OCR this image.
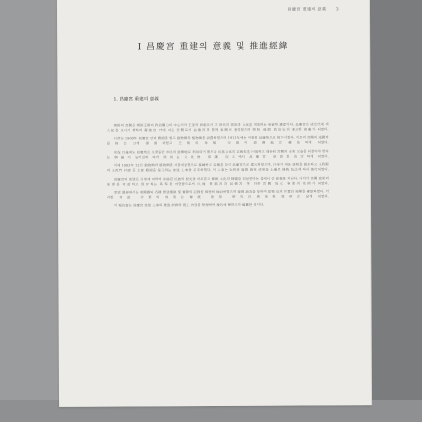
昌慶宮 重建의 意義 3
Ⅰ 昌慶宮 重建의 意義 및 推進經緯
1. 昌慶宮 重建의 意義

朝鮮의 宮闕은 朝鮮王朝의 政治權力의 中心이자 王室의 居處로서 그 時代의 建築과 文化를 대표하는 重要한 遺産이다. 昌慶宮은 成宗代에 세 大妃를 모시기 위하여 壽康宮 터에 지은 宮闕로서 昌德宮과 함께 東闕로 불리었으며 朝鮮 後期 政治史의 중요한 舞臺가 되었다.

日帝는 1909年 昌慶宮 안의 殿閣을 헐고 動物園과 植物園을 設置하였으며 1911年에는 이름을 昌慶苑으로 格下시켰다. 이로써 宮闕의 威嚴과 品格은 크게 損傷되었고 王朝의 象徵 空間이 遊園地로 轉落하게 되었다.

光復 以後에도 昌慶苑은 오랫동안 市民의 遊園地로 利用되어 왔으나 民族文化의 正統性을 回復하고 훼손된 宮闕의 本來 모습을 되찾아야 한다는 輿論이 높아짐에 따라 政府는 文化財 保護 次元에서 昌慶宮 重建을 決定하게 되었다.

이에 1983年 12月 動物園과 植物園을 서울대공원으로 移轉하고 名稱을 다시 昌慶宮으로 還元하였으며, 日帝가 세운 建物을 撤去하고 文政殿과 文政門 回廊 등 主要 殿閣을 復元하는 重建 工事를 着手하였다. 이 工事는 史料와 發掘 調査 成果를 土臺로 傳統 技法에 따라 施行되었다.

昌慶宮의 重建은 日帝에 의하여 歪曲된 民族의 歷史를 바로잡고 傳統 文化의 精髓를 되살린다는 점에서 큰 意義를 지닌다. 나아가 宮闕 建築의 原形을 考證하고 保存하는 基準을 마련함으로써 以後 景福宮과 昌德宮 等 다른 宮闕 復元 事業의 先例가 되었다.

重建 過程에서는 東闕圖와 各種 營建儀軌 및 實錄의 記錄을 綿密히 檢討하였으며 發掘 調査를 통하여 建物 址의 位置와 規模를 確認하였다. 이러한 考證 作業의 成果는 傳統 建築 硏究의 貴重한 資料로 남게 되었다.

이 報告書는 昌慶宮 重建 工事의 推進 經緯와 施工 內容을 整理하여 後代에 傳하고자 編纂한 것이다.
